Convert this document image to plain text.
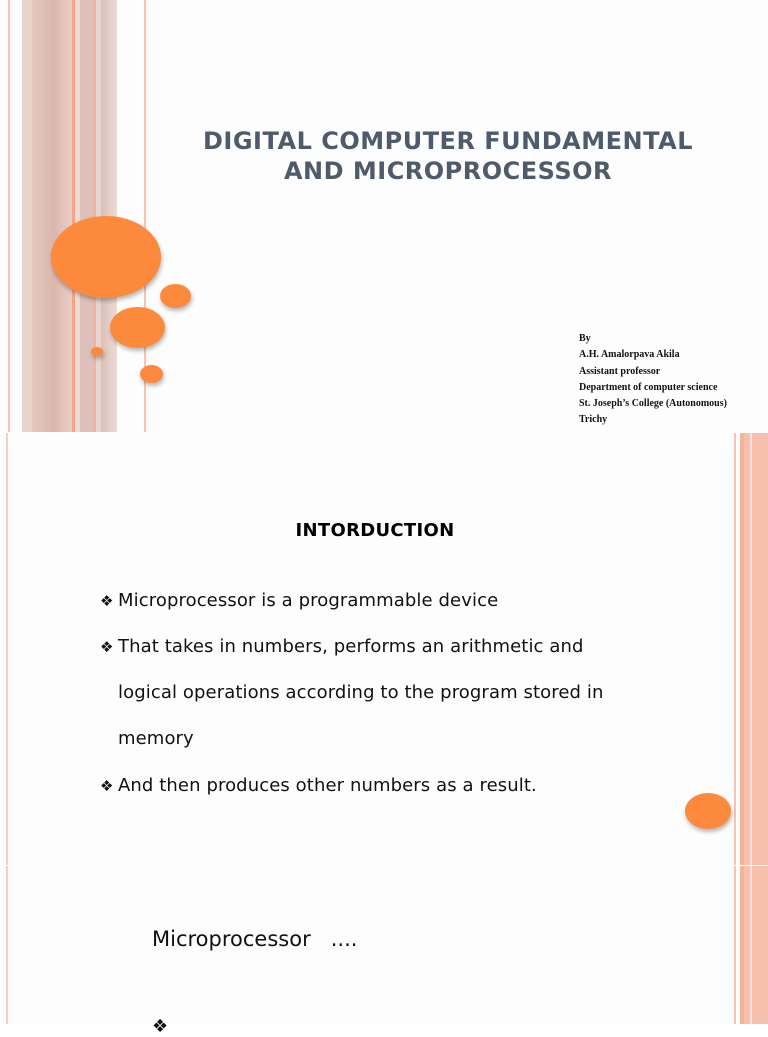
DIGITAL COMPUTER FUNDAMENTAL
AND MICROPROCESSOR
By
A.H. Amalorpava Akila
Assistant professor
Department of computer science
St. Joseph’s College (Autonomous)
Trichy
INTORDUCTION
❖ Microprocessor is a programmable device
❖ That takes in numbers, performs an arithmetic and
logical operations according to the program stored in
memory
❖ And then produces other numbers as a result.
Microprocessor   ....
❖
